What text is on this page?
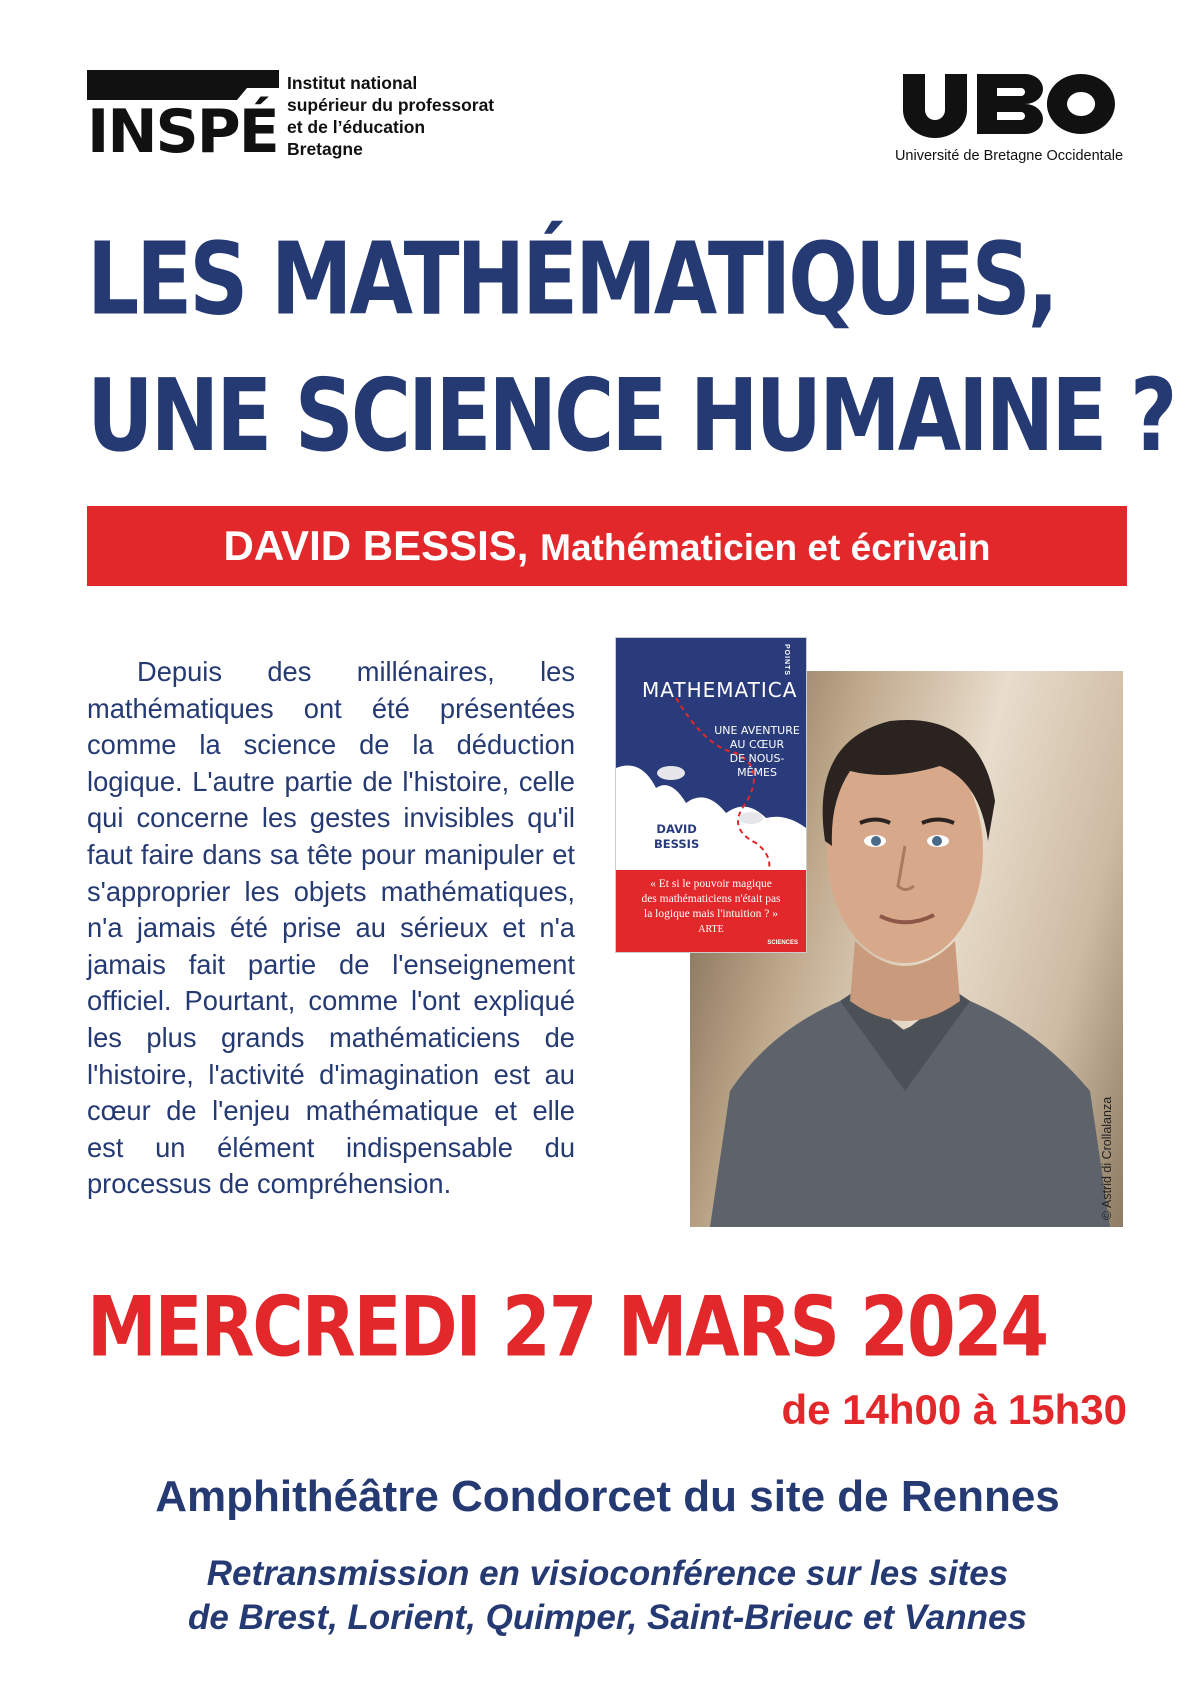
INSPÉ
Institut national
supérieur du professorat
et de l’éducation
Bretagne	Université de Bretagne Occidentale
LES MATHÉMATIQUES,
UNE SCIENCE HUMAINE ?
DAVID BESSIS, Mathématicien et écrivain

Depuis des millénaires, les mathématiques ont été présentées comme la science de la déduction logique. L'autre partie de l'histoire, celle qui concerne les gestes invisibles qu'il faut faire dans sa tête pour manipuler et s'approprier les objets mathématiques, n'a jamais été prise au sérieux et n'a jamais fait partie de l'enseignement officiel. Pourtant, comme l'ont expliqué les plus grands mathématiciens de l'histoire, l'activité d'imagination est au cœur de l'enjeu mathématique et elle est un élément indispensable du processus de compréhension.	© Astrid di Crollalanza
POINTS
MATHEMATICA
UNE AVENTURE
AU CŒUR
DE NOUS-MÊMES
DAVID
BESSIS
« Et si le pouvoir magique
des mathématiciens n'était pas
la logique mais l'intuition ? »
ARTE
SCIENCES
MERCREDI 27 MARS 2024
de 14h00 à 15h30
Amphithéâtre Condorcet du site de Rennes
Retransmission en visioconférence sur les sites
de Brest, Lorient, Quimper, Saint-Brieuc et Vannes
